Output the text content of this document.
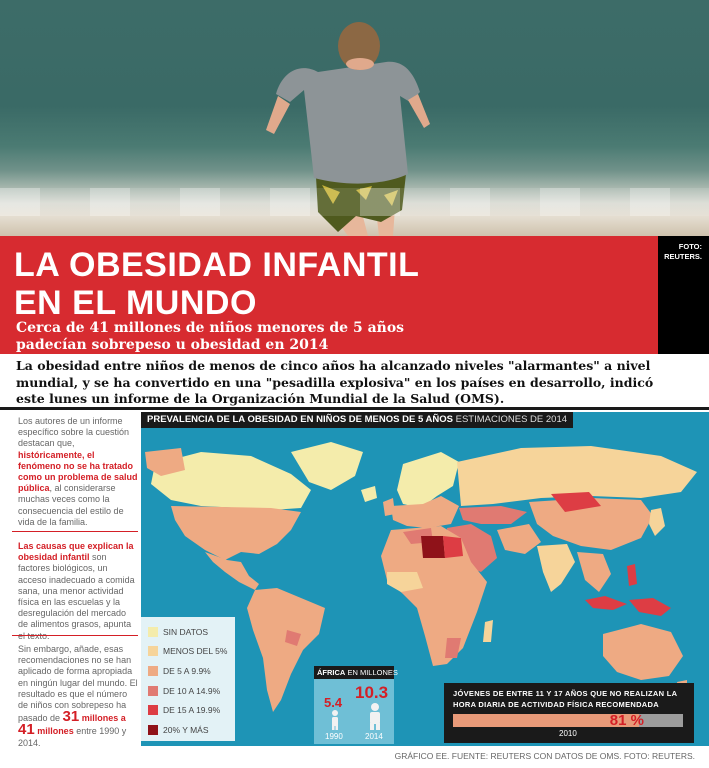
LA OBESIDAD INFANTIL
EN EL MUNDO
Cerca de 41 millones de niños menores de 5 años padecían sobrepeso u obesidad en 2014
FOTO: REUTERS.
La obesidad entre niños de menos de cinco años ha alcanzado niveles "alarmantes" a nivel mundial, y se ha convertido en una "pesadilla explosiva" en los países en desarrollo, indicó este lunes un informe de la Organización Mundial de la Salud (OMS).
Los autores de un informe específico sobre la cuestión destacan que, históricamente, el fenómeno no se ha tratado como un problema de salud pública, al considerarse muchas veces como la consecuencia del estilo de vida de la familia.
Las causas que explican la obesidad infantil son factores biológicos, un acceso inadecuado a comida sana, una menor actividad física en las escuelas y la desregulación del mercado de alimentos grasos, apunta
Sin embargo, añade, esas recomendaciones no se han aplicado de forma apropiada en ningún lugar del mundo. El resultado es que el número de niños con sobrepeso ha pasado de 31 millones a 41 millones entre 1990 y 2014.
PREVALENCIA DE LA OBESIDAD EN NIÑOS DE MENOS DE 5 AÑOS ESTIMACIONES DE 2014
SIN DATOS
MENOS DEL 5%
DE 5 A 9.9%
DE 10 A 14.9%
DE 15 A 19.9%
20% Y MÁS
ÁFRICA EN MILLONES
5.4
10.3
1990	2014
JÓVENES DE ENTRE 11 Y 17 AÑOS QUE NO REALIZAN LA HORA DIARIA DE ACTIVIDAD FÍSICA RECOMENDADA
81 %
2010
GRÁFICO EE. FUENTE: REUTERS CON DATOS DE OMS. FOTO: REUTERS.
